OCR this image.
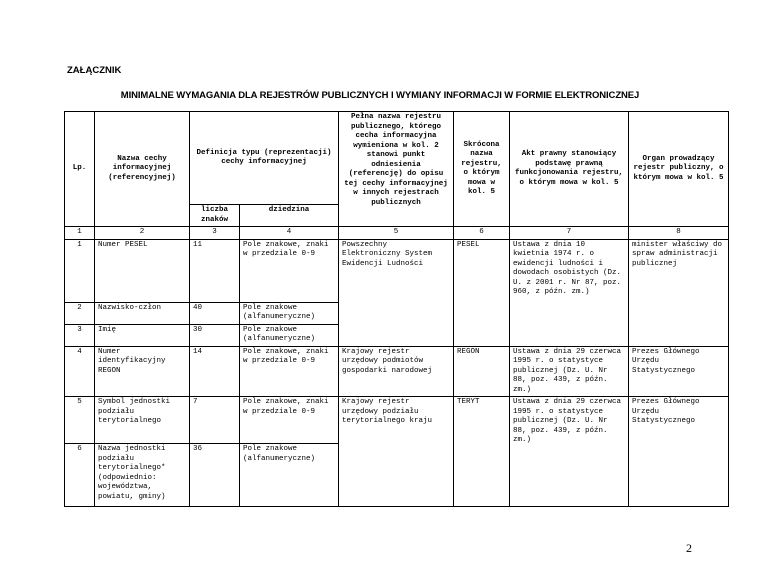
ZAŁĄCZNIK
MINIMALNE WYMAGANIA DLA REJESTRÓW PUBLICZNYCH I WYMIANY INFORMACJI W FORMIE ELEKTRONICZNEJ
Lp.	Nazwa cechy informacyjnej (referencyjnej)	Definicja typu (reprezentacji) cechy informacyjnej		Pełna nazwa rejestru publicznego, którego cecha informacyjna wymieniona w kol. 2 stanowi punkt odniesienia (referencję) do opisu tej cechy informacyjnej w innych rejestrach publicznych	Skrócona nazwa rejestru, o którym mowa w kol. 5	Akt prawny stanowiący podstawę prawną funkcjonowania rejestru, o którym mowa w kol. 5	Organ prowadzący rejestr publiczny, o którym mowa w kol. 5
		liczba znaków	dziedzina				
1	2	3	4	5	6	7	8
1	Numer PESEL	11	Pole znakowe, znaki w przedziale 0-9	Powszechny Elektroniczny System Ewidencji Ludności	PESEL	Ustawa z dnia 10 kwietnia 1974 r. o ewidencji ludności i dowodach osobistych (Dz. U. z 2001 r. Nr 87, poz. 960, z późn. zm.)	minister właściwy do spraw administracji publicznej
2	Nazwisko-człon	40	Pole znakowe (alfanumeryczne)				
3	Imię	30	Pole znakowe (alfanumeryczne)				
4	Numer identyfikacyjny REGON	14	Pole znakowe, znaki w przedziale 0-9	Krajowy rejestr urzędowy podmiotów gospodarki narodowej	REGON	Ustawa z dnia 29 czerwca 1995 r. o statystyce publicznej (Dz. U. Nr 88, poz. 439, z późn. zm.)	Prezes Głównego Urzędu Statystycznego
5	Symbol jednostki podziału terytorialnego	7	Pole znakowe, znaki w przedziale 0-9	Krajowy rejestr urzędowy podziału terytorialnego kraju	TERYT	Ustawa z dnia 29 czerwca 1995 r. o statystyce publicznej (Dz. U. Nr 88, poz. 439, z późn. zm.)	Prezes Głównego Urzędu Statystycznego
6	Nazwa jednostki podziału terytorialnego* (odpowiednio: województwa, powiatu, gminy)	36	Pole znakowe (alfanumeryczne)				
2
